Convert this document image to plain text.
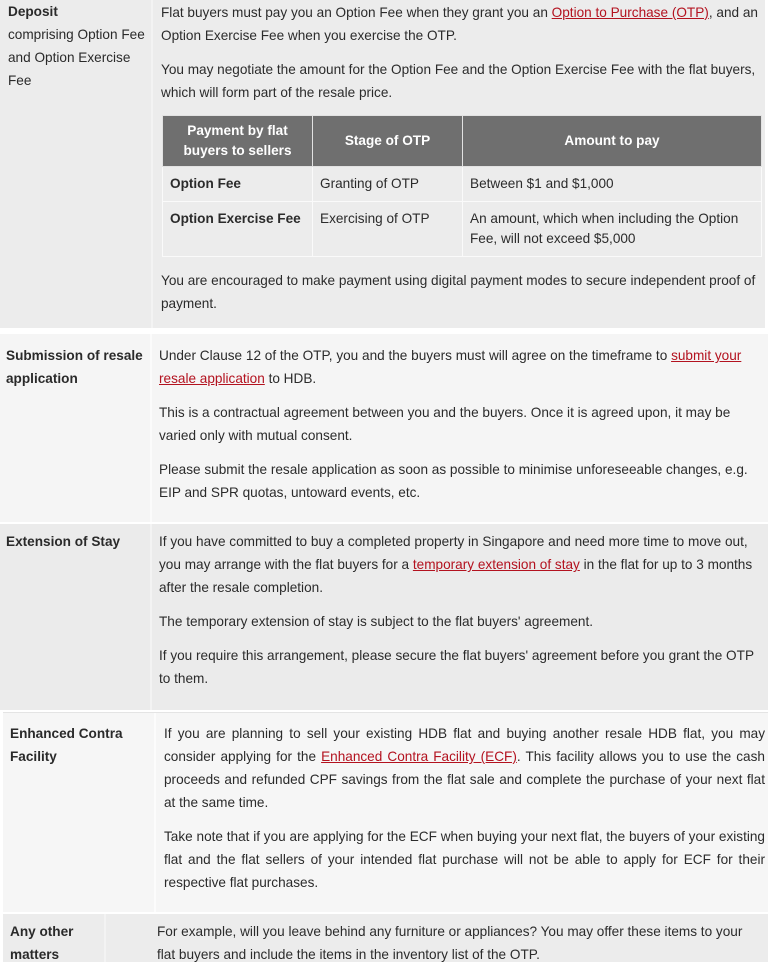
Deposit
comprising Option Fee and Option Exercise Fee

Flat buyers must pay you an Option Fee when they grant you an Option to Purchase (OTP), and an Option Exercise Fee when you exercise the OTP.

You may negotiate the amount for the Option Fee and the Option Exercise Fee with the flat buyers, which will form part of the resale price.

Payment by flat buyers to sellers	Stage of OTP	Amount to pay
Option Fee	Granting of OTP	Between $1 and $1,000
Option Exercise Fee	Exercising of OTP	An amount, which when including the Option Fee, will not exceed $5,000

You are encouraged to make payment using digital payment modes to secure independent proof of payment.

Submission of resale application

Under Clause 12 of the OTP, you and the buyers must will agree on the timeframe to submit your resale application to HDB.

This is a contractual agreement between you and the buyers. Once it is agreed upon, it may be varied only with mutual consent.

Please submit the resale application as soon as possible to minimise unforeseeable changes, e.g. EIP and SPR quotas, untoward events, etc.

Extension of Stay	If you have committed to buy a completed property in Singapore and need more time to move out, you may arrange with the flat buyers for a temporary extension of stay in the flat for up to 3 months after the resale completion.

The temporary extension of stay is subject to the flat buyers' agreement.

If you require this arrangement, please secure the flat buyers' agreement before you grant the OTP to them.

Enhanced Contra Facility

If you are planning to sell your existing HDB flat and buying another resale HDB flat, you may consider applying for the Enhanced Contra Facility (ECF). This facility allows you to use the cash proceeds and refunded CPF savings from the flat sale and complete the purchase of your next flat at the same time.

Take note that if you are applying for the ECF when buying your next flat, the buyers of your existing flat and the flat sellers of your intended flat purchase will not be able to apply for ECF for their respective flat purchases.

Any other matters

For example, will you leave behind any furniture or appliances? You may offer these items to your flat buyers and include the items in the inventory list of the OTP.
